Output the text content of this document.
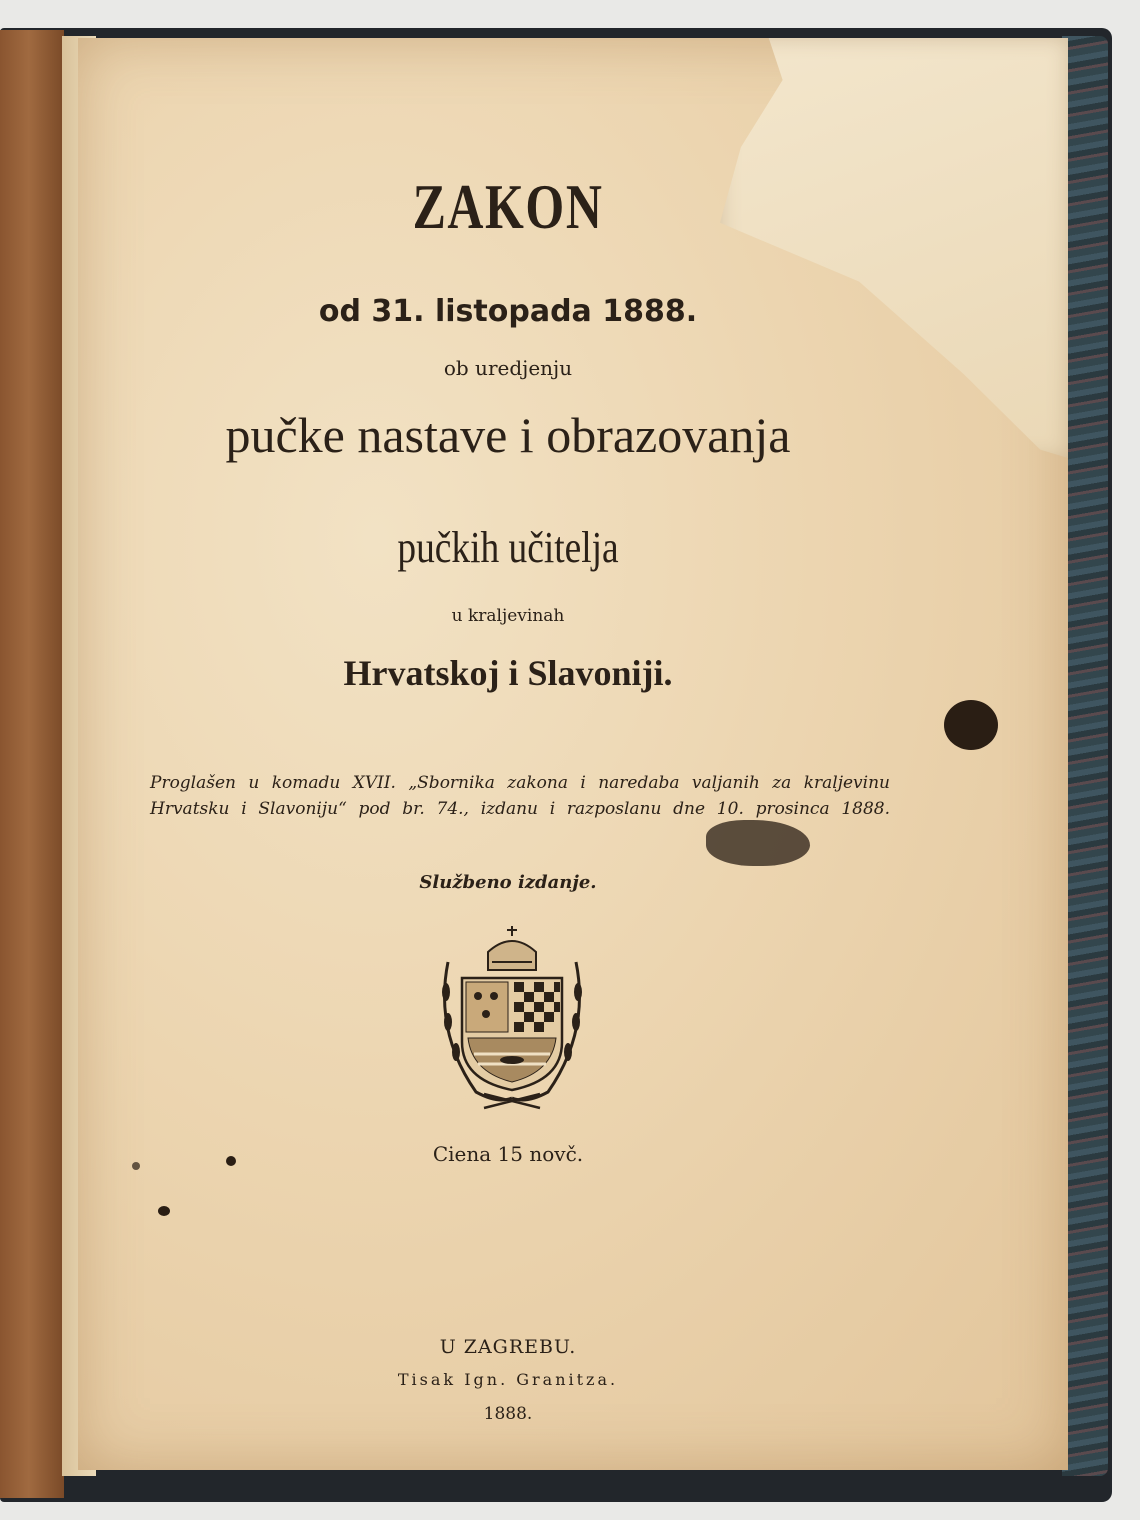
ZAKON

od 31. listopada 1888.

ob uredjenju

pučke nastave i obrazovanja

pučkih učitelja

u kraljevinah

Hrvatskoj i Slavoniji.

Proglašen u komadu XVII. „Sbornika zakona i naredaba valjanih za kraljevinu
Hrvatsku i Slavoniju“ pod br. 74., izdanu i razposlanu dne 10. prosinca 1888.

Službeno izdanje.

Ciena 15 novč.

U ZAGREBU.

Tisak Ign. Granitza.

1888.
